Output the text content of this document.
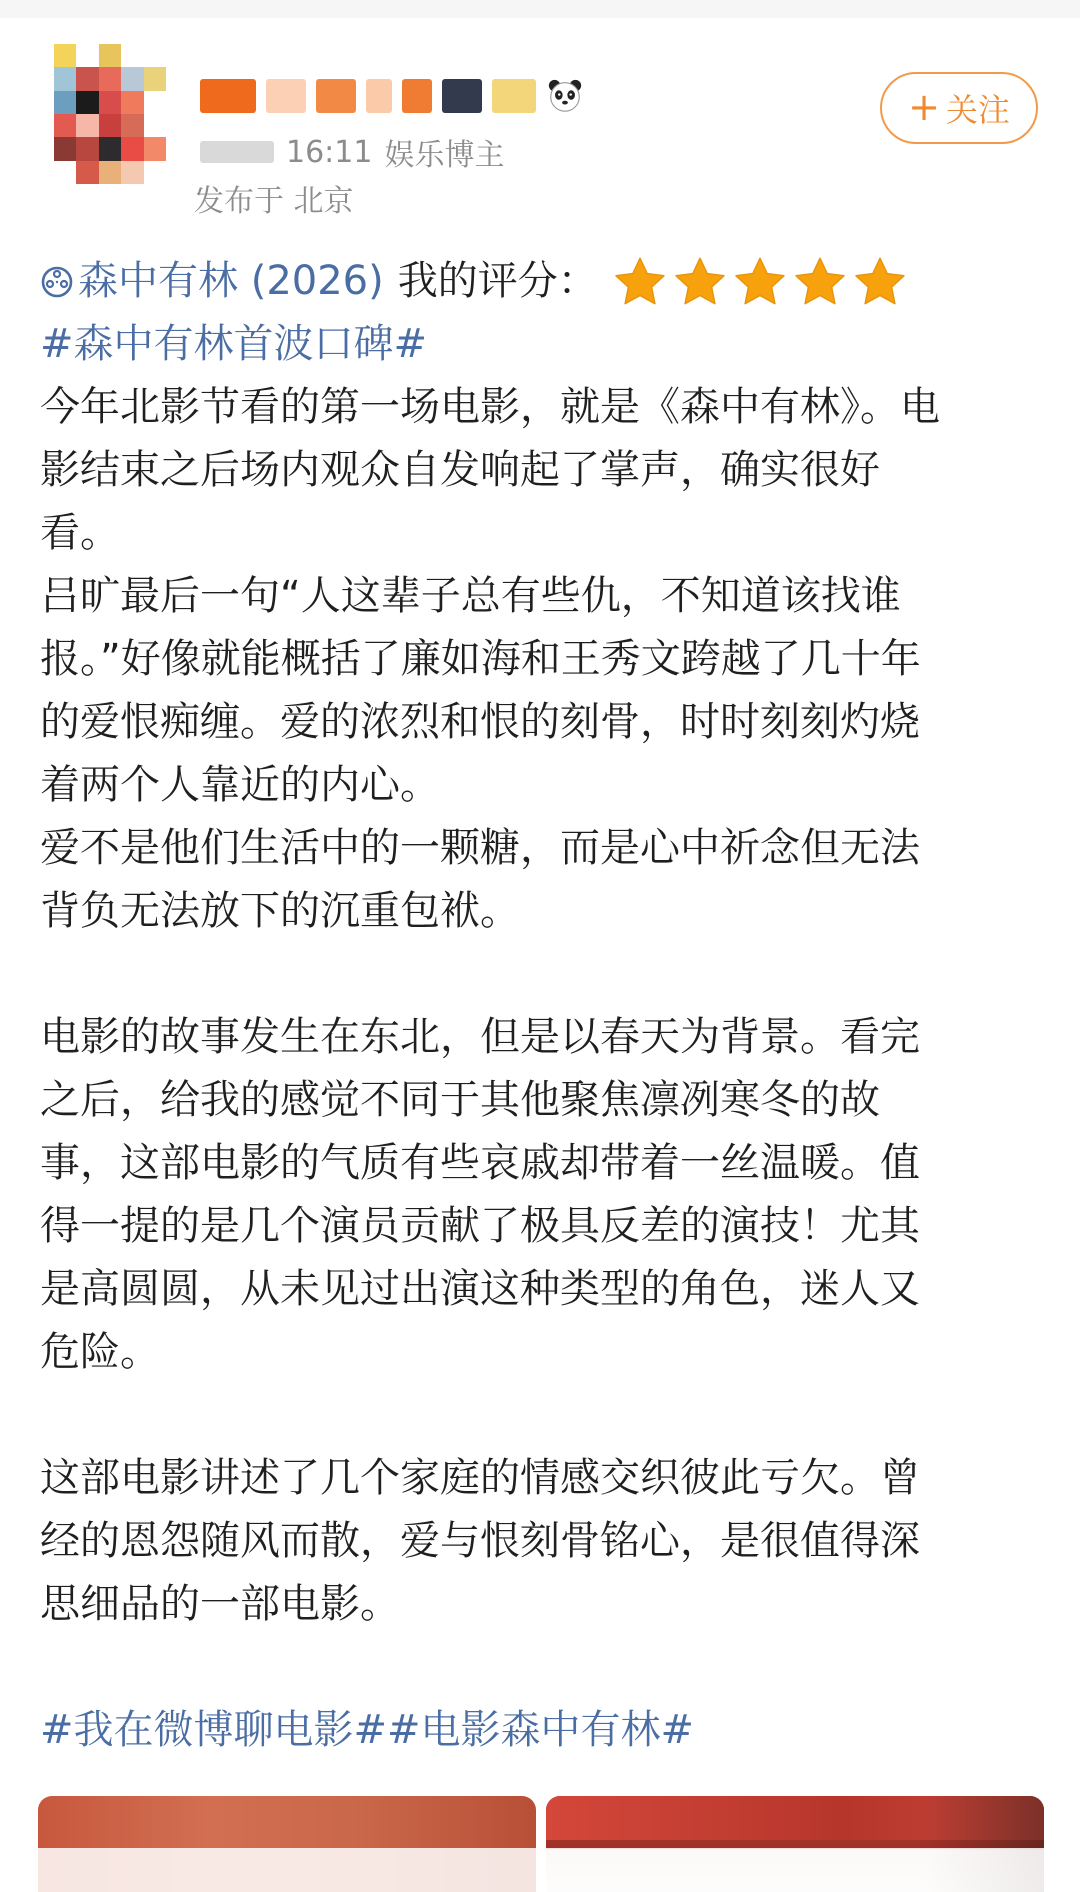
16:11 娱乐博主
发布于 北京
+ 关注
森中有林 (2026) 我的评分：
#森中有林首波口碑#
今年北影节看的第一场电影，就是《森中有林》。电
影结束之后场内观众自发响起了掌声，确实很好
看。
吕旷最后一句“人这辈子总有些仇，不知道该找谁
报。”好像就能概括了廉如海和王秀文跨越了几十年
的爱恨痴缠。爱的浓烈和恨的刻骨，时时刻刻灼烧
着两个人靠近的内心。
爱不是他们生活中的一颗糖，而是心中祈念但无法
背负无法放下的沉重包袱。
电影的故事发生在东北，但是以春天为背景。看完
之后，给我的感觉不同于其他聚焦凛冽寒冬的故
事，这部电影的气质有些哀戚却带着一丝温暖。值
得一提的是几个演员贡献了极具反差的演技！尤其
是高圆圆，从未见过出演这种类型的角色，迷人又
危险。
这部电影讲述了几个家庭的情感交织彼此亏欠。曾
经的恩怨随风而散，爱与恨刻骨铭心，是很值得深
思细品的一部电影。
#我在微博聊电影##电影森中有林#
